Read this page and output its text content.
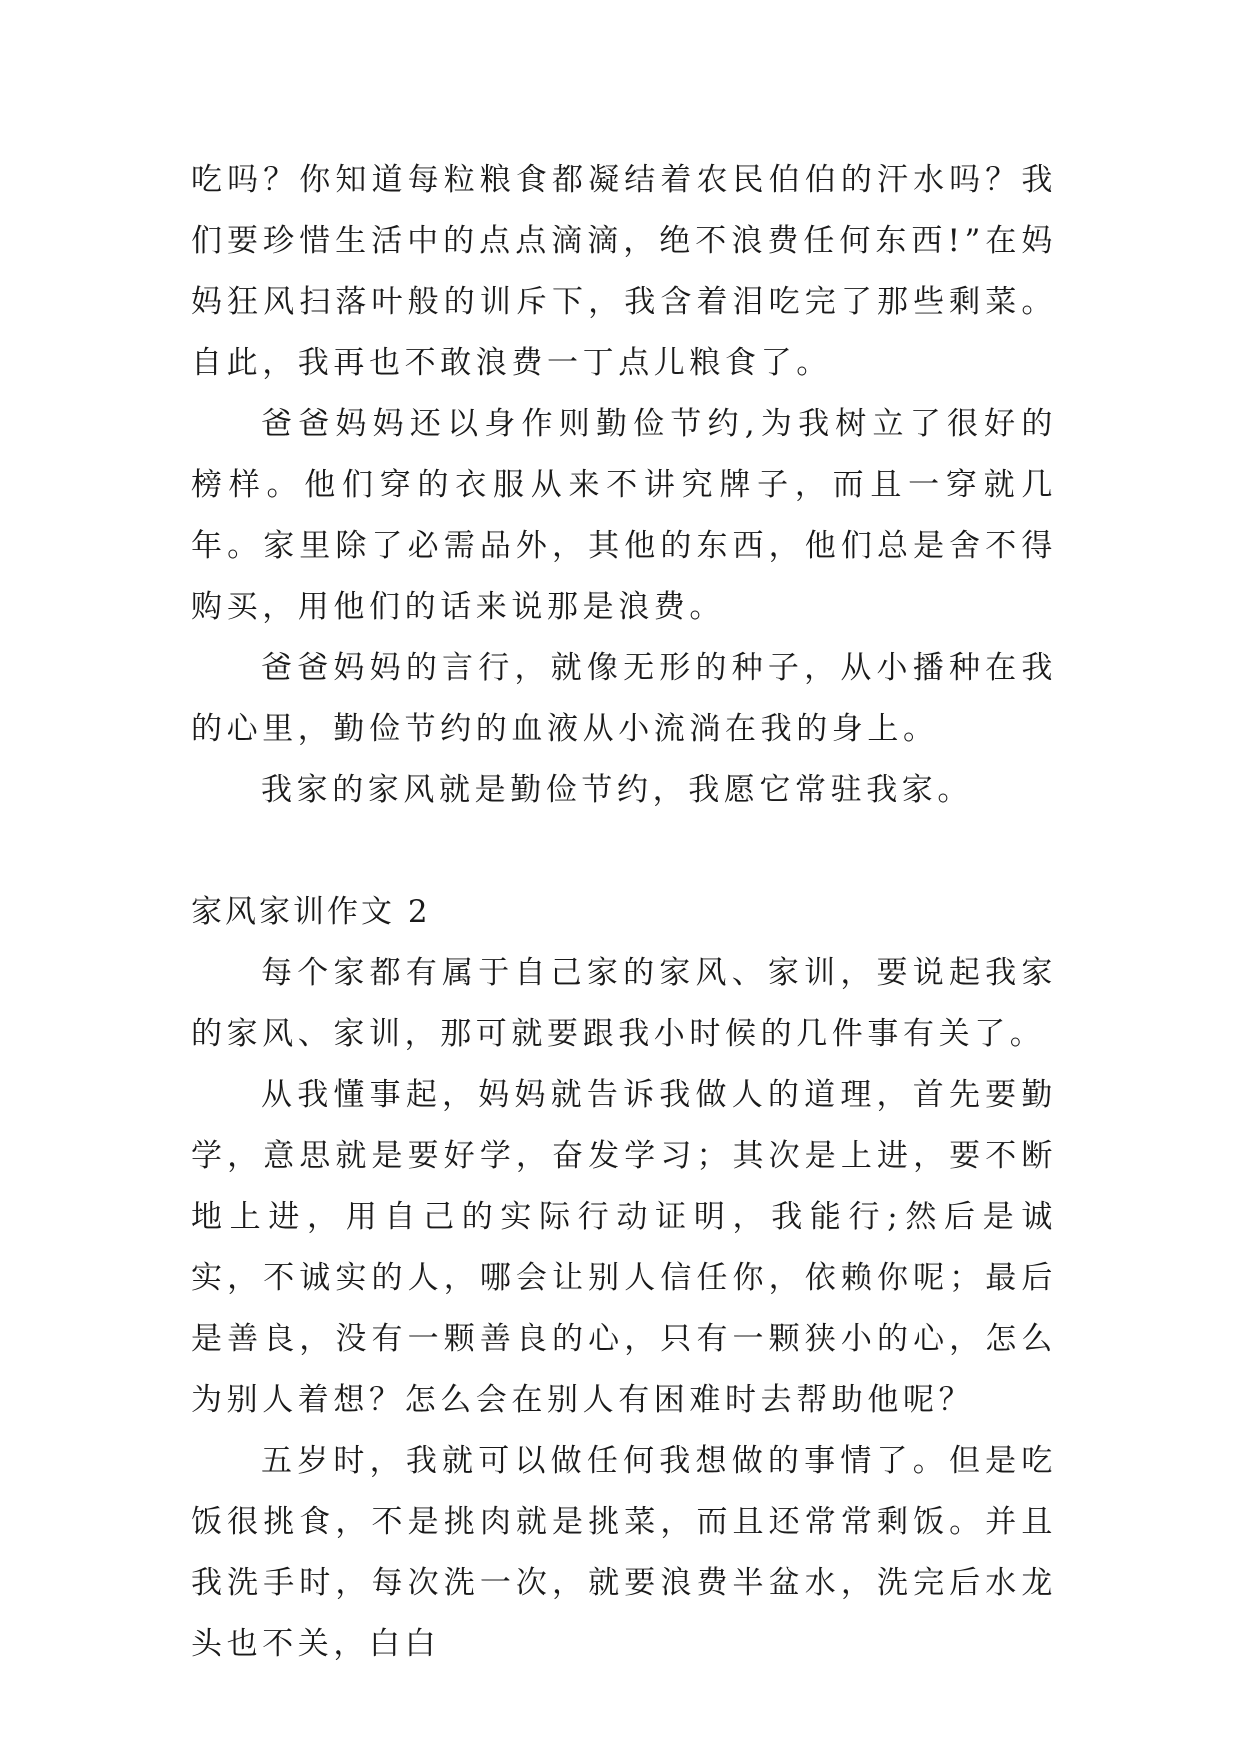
吃吗？你知道每粒粮食都凝结着农民伯伯的汗水吗？我们要珍惜生活中的点点滴滴，绝不浪费任何东西!”在妈妈狂风扫落叶般的训斥下，我含着泪吃完了那些剩菜。自此，我再也不敢浪费一丁点儿粮食了。

爸爸妈妈还以身作则勤俭节约,为我树立了很好的榜样。他们穿的衣服从来不讲究牌子，而且一穿就几年。家里除了必需品外，其他的东西，他们总是舍不得购买，用他们的话来说那是浪费。

爸爸妈妈的言行，就像无形的种子，从小播种在我的心里，勤俭节约的血液从小流淌在我的身上。

我家的家风就是勤俭节约，我愿它常驻我家。

家风家训作文 2

每个家都有属于自己家的家风、家训，要说起我家的家风、家训，那可就要跟我小时候的几件事有关了。

从我懂事起，妈妈就告诉我做人的道理，首先要勤学，意思就是要好学，奋发学习；其次是上进，要不断地上进，用自己的实际行动证明，我能行;然后是诚实，不诚实的人，哪会让别人信任你，依赖你呢；最后是善良，没有一颗善良的心，只有一颗狭小的心，怎么为别人着想？怎么会在别人有困难时去帮助他呢？

五岁时，我就可以做任何我想做的事情了。但是吃饭很挑食，不是挑肉就是挑菜，而且还常常剩饭。并且我洗手时，每次洗一次，就要浪费半盆水，洗完后水龙头也不关，白白
